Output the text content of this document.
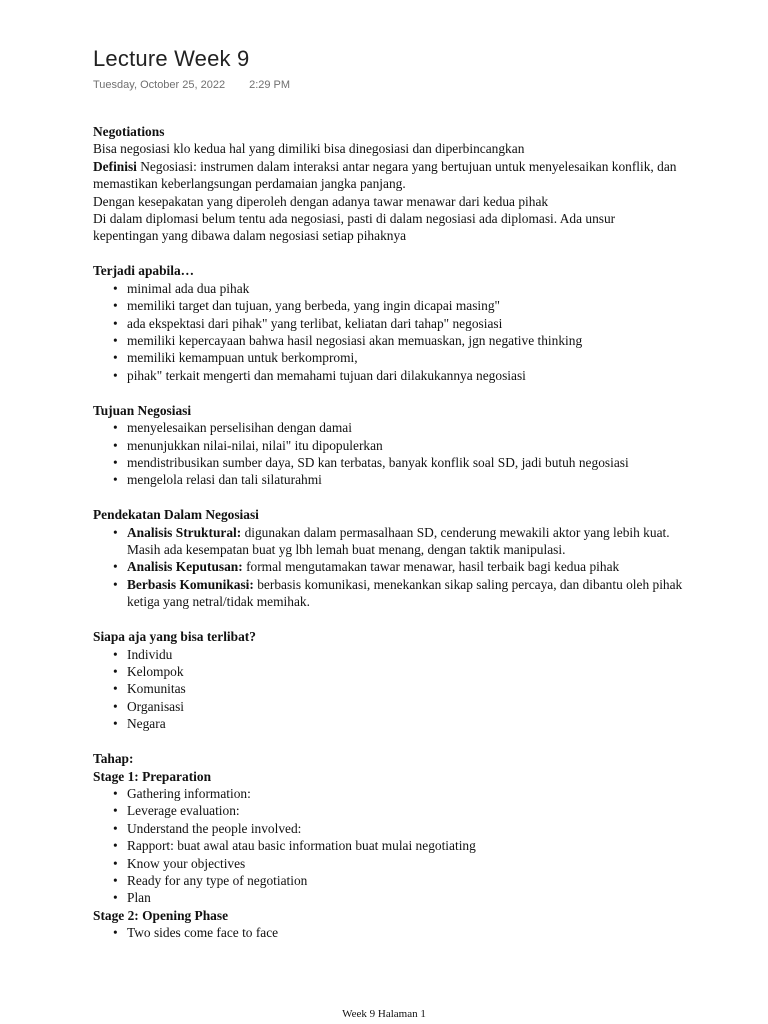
Lecture Week 9
Tuesday, October 25, 2022 2:29 PM

Negotiations

Bisa negosiasi klo kedua hal yang dimiliki bisa dinegosiasi dan diperbincangkan

Definisi Negosiasi: instrumen dalam interaksi antar negara yang bertujuan untuk menyelesaikan konflik, dan memastikan keberlangsungan perdamaian jangka panjang.

Dengan kesepakatan yang diperoleh dengan adanya tawar menawar dari kedua pihak

Di dalam diplomasi belum tentu ada negosiasi, pasti di dalam negosiasi ada diplomasi. Ada unsur kepentingan yang dibawa dalam negosiasi setiap pihaknya

Terjadi apabila…

• minimal ada dua pihak
• memiliki target dan tujuan, yang berbeda, yang ingin dicapai masing"
• ada ekspektasi dari pihak" yang terlibat, keliatan dari tahap" negosiasi
• memiliki kepercayaan bahwa hasil negosiasi akan memuaskan, jgn negative thinking
• memiliki kemampuan untuk berkompromi,
• pihak" terkait mengerti dan memahami tujuan dari dilakukannya negosiasi

Tujuan Negosiasi

• menyelesaikan perselisihan dengan damai
• menunjukkan nilai-nilai, nilai" itu dipopulerkan
• mendistribusikan sumber daya, SD kan terbatas, banyak konflik soal SD, jadi butuh negosiasi
• mengelola relasi dan tali silaturahmi

Pendekatan Dalam Negosiasi

• Analisis Struktural: digunakan dalam permasalhaan SD, cenderung mewakili aktor yang lebih kuat. Masih ada kesempatan buat yg lbh lemah buat menang, dengan taktik manipulasi.
• Analisis Keputusan: formal mengutamakan tawar menawar, hasil terbaik bagi kedua pihak
• Berbasis Komunikasi: berbasis komunikasi, menekankan sikap saling percaya, dan dibantu oleh pihak ketiga yang netral/tidak memihak.

Siapa aja yang bisa terlibat?

• Individu
• Kelompok
• Komunitas
• Organisasi
• Negara

Tahap:

Stage 1: Preparation

• Gathering information:
• Leverage evaluation:
• Understand the people involved:
• Rapport: buat awal atau basic information buat mulai negotiating
• Know your objectives
• Ready for any type of negotiation
• Plan

Stage 2: Opening Phase

• Two sides come face to face
Week 9 Halaman 1
